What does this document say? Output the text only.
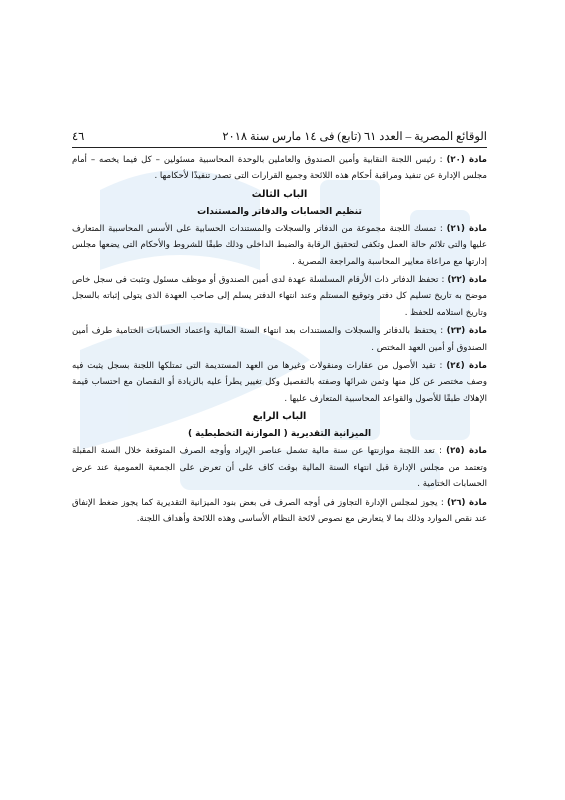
الوقائع المصرية – العدد ٦١ (تابع) فى ١٤ مارس سنة ٢٠١٨
٤٦

مادة (٢٠) : رئيس اللجنة النقابية وأمين الصندوق والعاملين بالوحدة المحاسبية مسئولين – كل فيما يخصه – أمام مجلس الإدارة عن تنفيذ ومراقبة أحكام هذه اللائحة وجميع القرارات التى تصدر تنفيذًا لأحكامها .

الباب الثالث
تنظيم الحسابات والدفاتر والمستندات

مادة (٢١) : تمسك اللجنة مجموعة من الدفاتر والسجلات والمستندات الحسابية على الأسس المحاسبية المتعارف عليها والتى تلائم حالة العمل وتكفى لتحقيق الرقابة والضبط الداخلى وذلك طبقًا للشروط والأحكام التى يضعها مجلس إدارتها مع مراعاة معايير المحاسبة والمراجعة المصرية .

مادة (٢٢) : تحفظ الدفاتر ذات الأرقام المسلسلة عهدة لدى أمين الصندوق أو موظف مسئول وتثبت فى سجل خاص موضح به تاريخ تسليم كل دفتر وتوقيع المستلم وعند انتهاء الدفتر يسلم إلى صاحب العهدة الذى يتولى إثباته بالسجل وتاريخ استلامه للحفظ .

مادة (٢٣) : يحتفظ بالدفاتر والسجلات والمستندات بعد انتهاء السنة المالية واعتماد الحسابات الختامية طرف أمين الصندوق أو أمين العهد المختص .

مادة (٢٤) : تقيد الأصول من عقارات ومنقولات وغيرها من العهد المستديمة التى تمتلكها اللجنة بسجل يثبت فيه وصف مختصر عن كل منها وثمن شرائها وصفته بالتفصيل وكل تغيير يطرأ عليه بالزيادة أو النقصان مع احتساب قيمة الإهلاك طبقًا للأصول والقواعد المحاسبية المتعارف عليها .

الباب الرابع
الميزانية التقديرية ( الموازنة التخطيطية )

مادة (٢٥) : تعد اللجنة موازنتها عن سنة مالية تشمل عناصر الإيراد وأوجه الصرف المتوقعة خلال السنة المقبلة وتعتمد من مجلس الإدارة قبل انتهاء السنة المالية بوقت كاف على أن تعرض على الجمعية العمومية عند عرض الحسابات الختامية .

مادة (٢٦) : يجوز لمجلس الإدارة التجاوز فى أوجه الصرف فى بعض بنود الميزانية التقديرية كما يجوز ضغط الإنفاق عند نقص الموارد وذلك بما لا يتعارض مع نصوص لائحة النظام الأساسى وهذه اللائحة وأهداف اللجنة.
